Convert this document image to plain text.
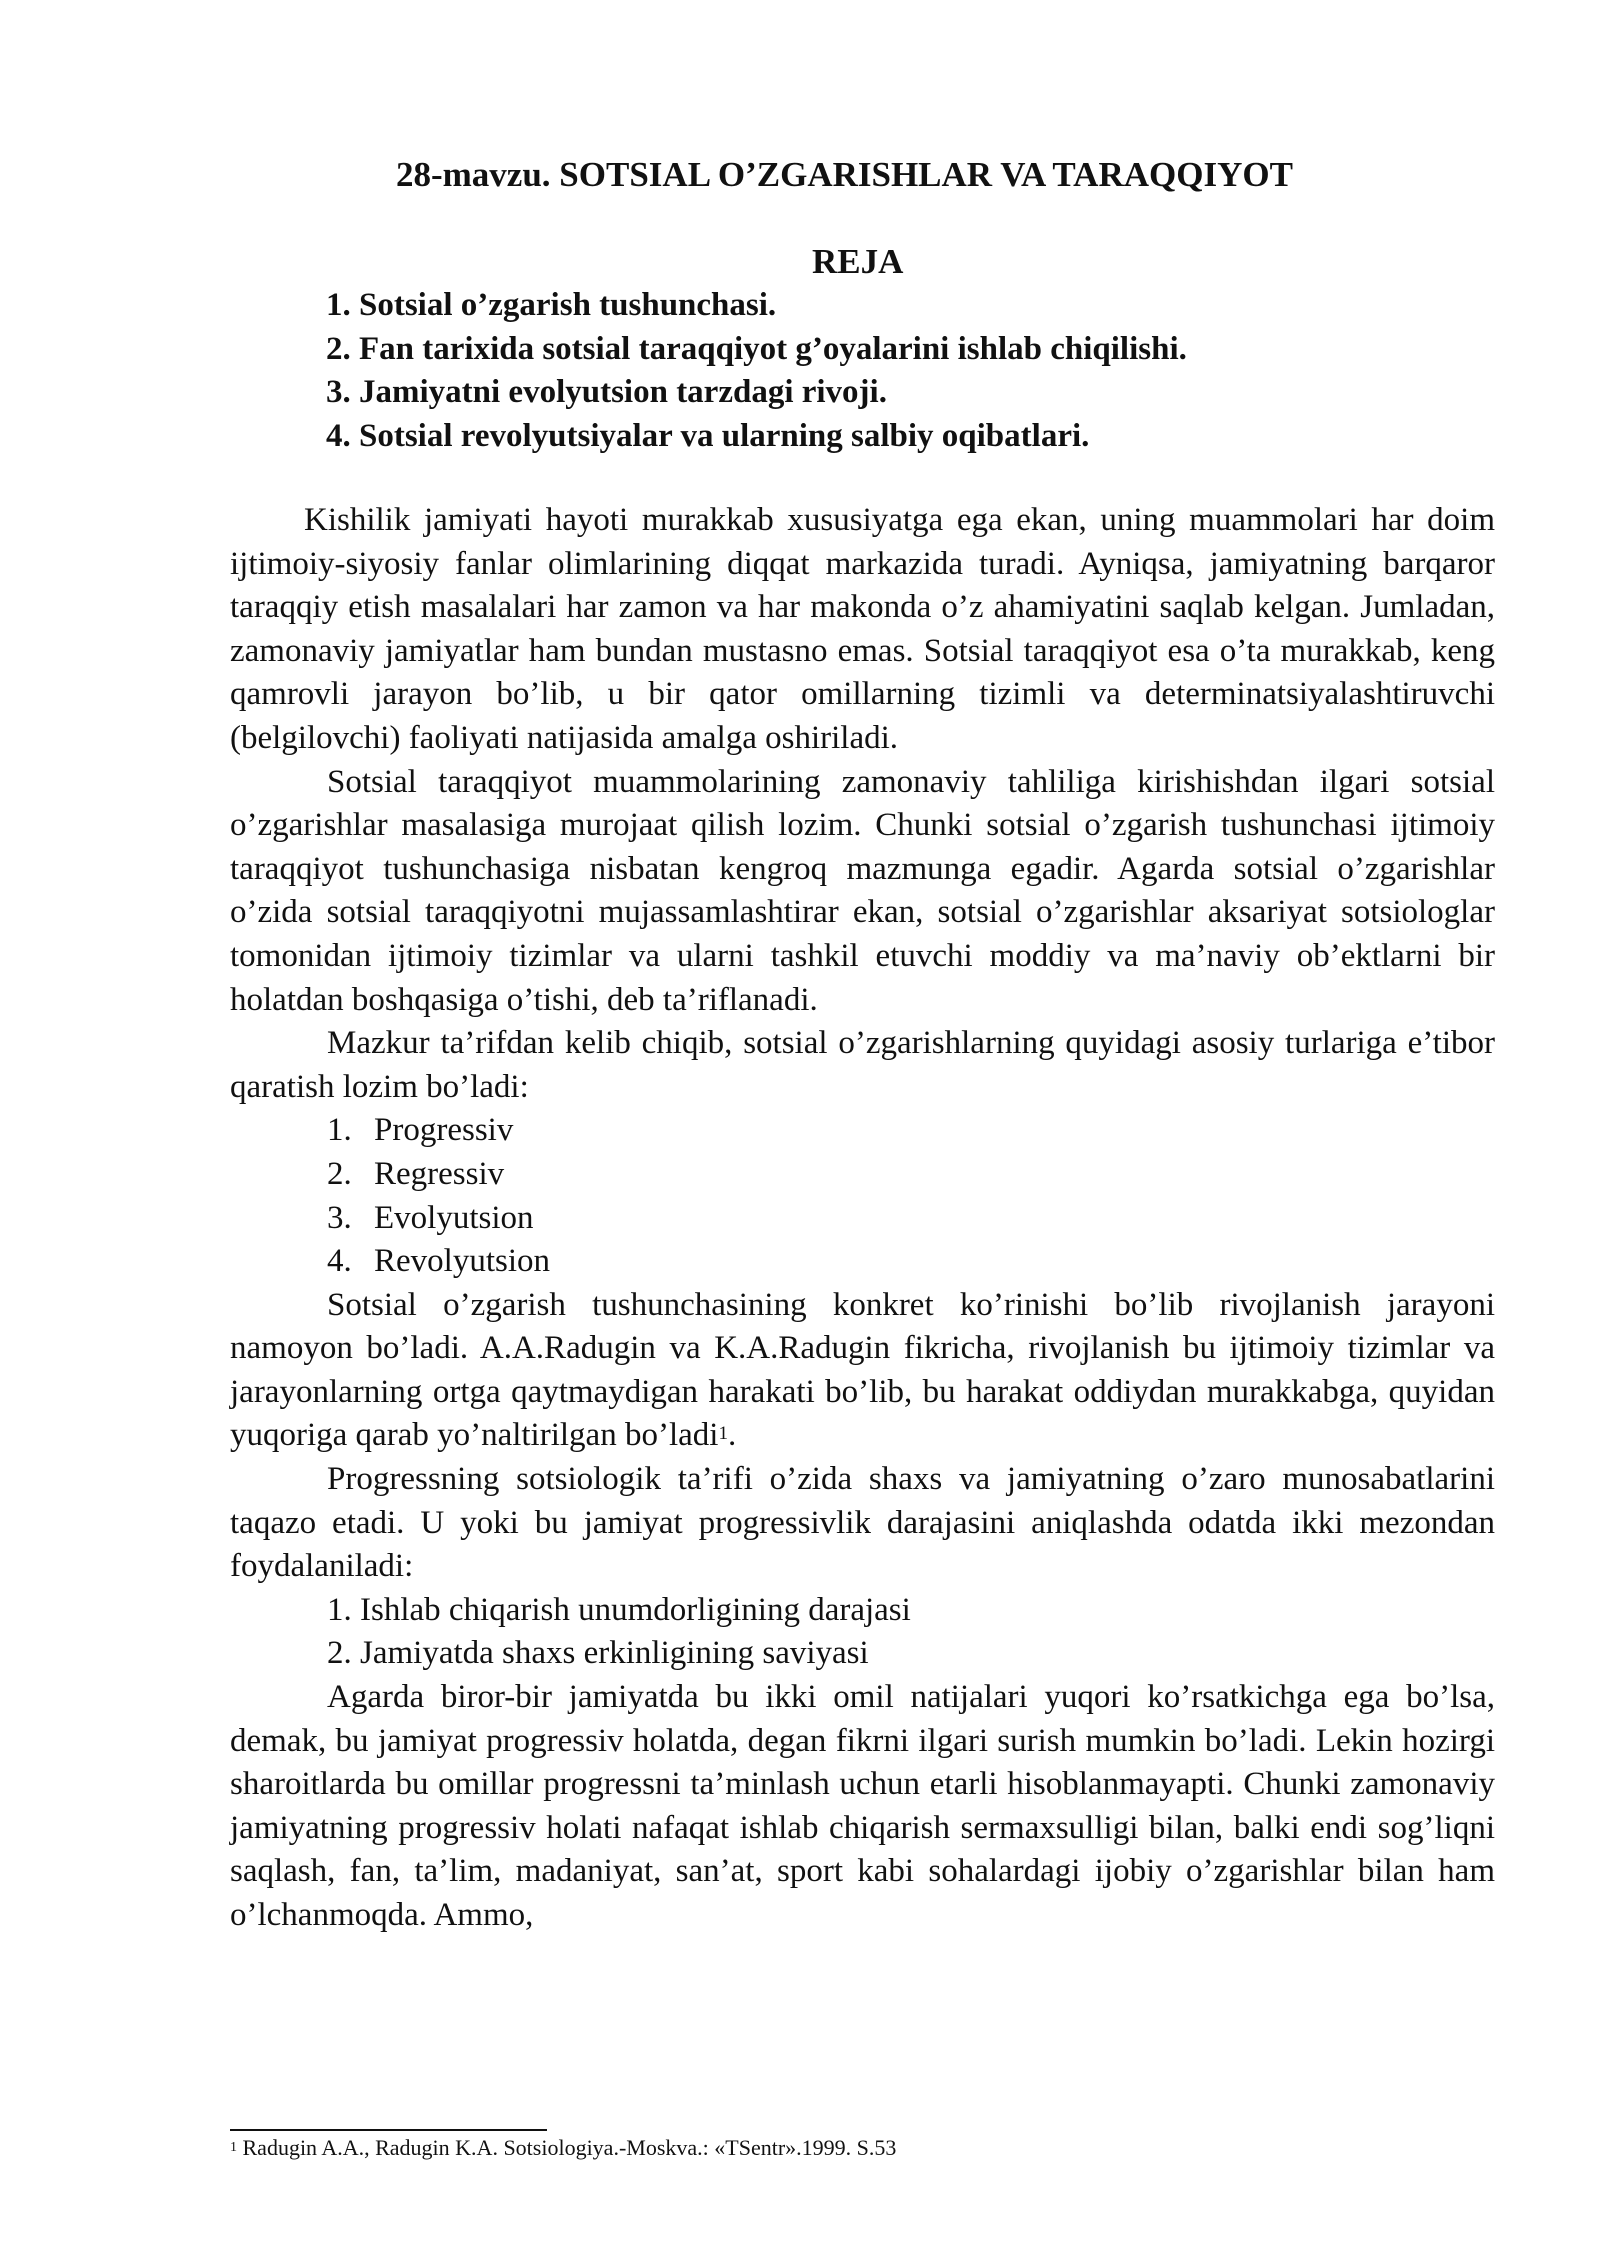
28-mavzu. SOTSIAL O’ZGARISHLAR VA TARAQQIYOT
REJA
1. Sotsial o’zgarish tushunchasi.
2. Fan tarixida sotsial taraqqiyot g’oyalarini ishlab chiqilishi.
3. Jamiyatni evolyutsion tarzdagi rivoji.
4. Sotsial revolyutsiyalar va ularning salbiy oqibatlari.

Kishilik jamiyati hayoti murakkab xususiyatga ega ekan, uning muammolari har doim ijtimoiy-siyosiy fanlar olimlarining diqqat markazida turadi. Ayniqsa, jamiyatning barqaror taraqqiy etish masalalari har zamon va har makonda o’z ahamiyatini saqlab kelgan. Jumladan, zamonaviy jamiyatlar ham bundan mustasno emas. Sotsial taraqqiyot esa o’ta murakkab, keng qamrovli jarayon bo’lib, u bir qator omillarning tizimli va determinatsiyalashtiruvchi (belgilovchi) faoliyati natijasida amalga oshiriladi.

Sotsial taraqqiyot muammolarining zamonaviy tahliliga kirishishdan ilgari sotsial o’zgarishlar masalasiga murojaat qilish lozim. Chunki sotsial o’zgarish tushunchasi ijtimoiy taraqqiyot tushunchasiga nisbatan kengroq mazmunga egadir. Agarda sotsial o’zgarishlar o’zida sotsial taraqqiyotni mujassamlashtirar ekan, sotsial o’zgarishlar aksariyat sotsiologlar tomonidan ijtimoiy tizimlar va ularni tashkil etuvchi moddiy va ma’naviy ob’ektlarni bir holatdan boshqasiga o’tishi, deb ta’riflanadi.

Mazkur ta’rifdan kelib chiqib, sotsial o’zgarishlarning quyidagi asosiy turlariga e’tibor qaratish lozim bo’ladi:

1. Progressiv
2. Regressiv
3. Evolyutsion
4. Revolyutsion

Sotsial o’zgarish tushunchasining konkret ko’rinishi bo’lib rivojlanish jarayoni namoyon bo’ladi. A.A.Radugin va K.A.Radugin fikricha, rivojlanish bu ijtimoiy tizimlar va jarayonlarning ortga qaytmaydigan harakati bo’lib, bu harakat oddiydan murakkabga, quyidan yuqoriga qarab yo’naltirilgan bo’ladi$^1$.

Progressning sotsiologik ta’rifi o’zida shaxs va jamiyatning o’zaro munosabatlarini taqazo etadi. U yoki bu jamiyat progressivlik darajasini aniqlashda odatda ikki mezondan foydalaniladi:

1. Ishlab chiqarish unumdorligining darajasi
2. Jamiyatda shaxs erkinligining saviyasi

Agarda biror-bir jamiyatda bu ikki omil natijalari yuqori ko’rsatkichga ega bo’lsa, demak, bu jamiyat progressiv holatda, degan fikrni ilgari surish mumkin bo’ladi. Lekin hozirgi sharoitlarda bu omillar progressni ta’minlash uchun etarli hisoblanmayapti. Chunki zamonaviy jamiyatning progressiv holati nafaqat ishlab chiqarish sermaxsulligi bilan, balki endi sog’liqni saqlash, fan, ta’lim, madaniyat, san’at, sport kabi sohalardagi ijobiy o’zgarishlar bilan ham o’lchanmoqda. Ammo,

$^1$ Radugin A.A., Radugin K.A. Sotsiologiya.-Moskva.: «TSentr».1999. S.53
